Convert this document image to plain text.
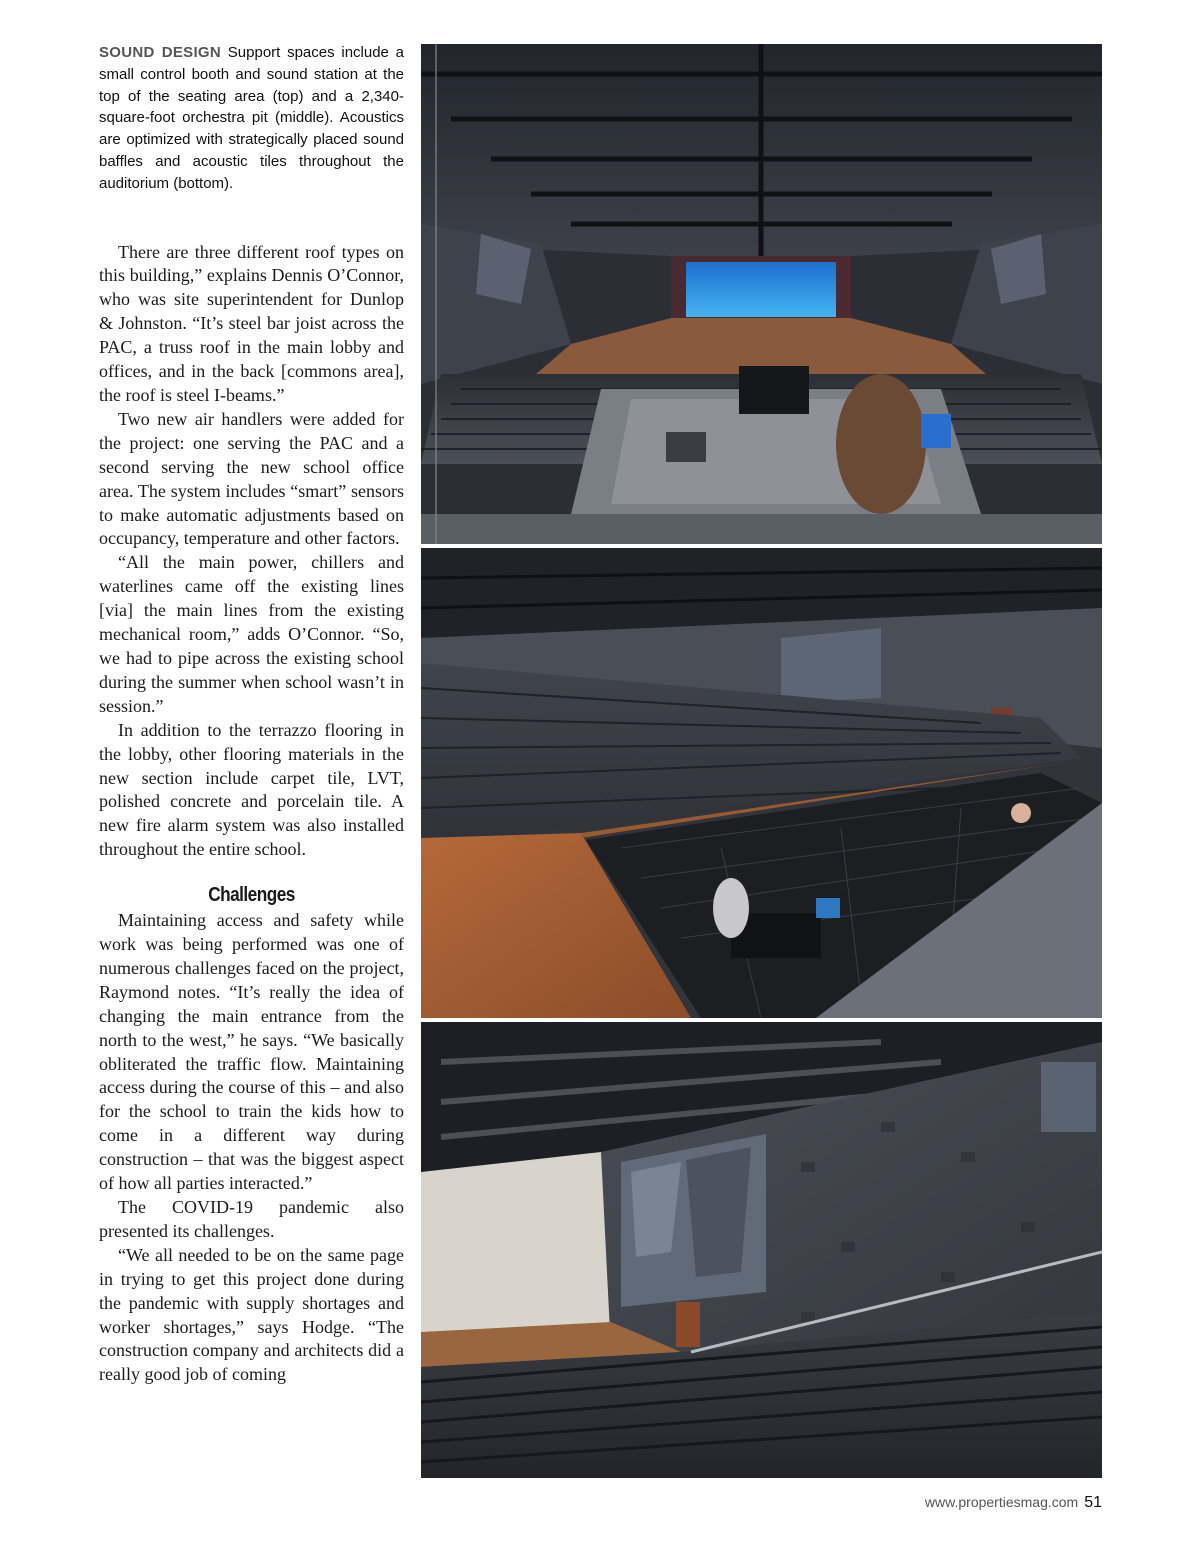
SOUND DESIGN Support spaces include a small control booth and sound station at the top of the seating area (top) and a 2,340-square-foot orchestra pit (middle). Acoustics are optimized with strategically placed sound baffles and acoustic tiles throughout the auditorium (bottom).

There are three different roof types on this building,” explains Dennis O’Connor, who was site superintendent for Dunlop & Johnston. “It’s steel bar joist across the PAC, a truss roof in the main lobby and offices, and in the back [commons area], the roof is steel I-beams.”

Two new air handlers were added for the project: one serving the PAC and a second serving the new school office area. The system includes “smart” sensors to make automatic adjustments based on occupancy, temperature and other factors.

“All the main power, chillers and waterlines came off the existing lines [via] the main lines from the existing mechanical room,” adds O’Connor. “So, we had to pipe across the existing school during the summer when school wasn’t in session.”

In addition to the terrazzo flooring in the lobby, other flooring materials in the new section include carpet tile, LVT, polished concrete and porcelain tile. A new fire alarm system was also installed throughout the entire school.

Challenges

Maintaining access and safety while work was being performed was one of numerous challenges faced on the project, Raymond notes. “It’s really the idea of changing the main entrance from the north to the west,” he says. “We basically obliterated the traffic flow. Maintaining access during the course of this – and also for the school to train the kids how to come in a different way during construction – that was the biggest aspect of how all parties interacted.”

The COVID-19 pandemic also presented its challenges.

“We all needed to be on the same page in trying to get this project done during the pandemic with supply shortages and worker shortages,” says Hodge. “The construction company and architects did a really good job of coming

www.propertiesmag.com 51
